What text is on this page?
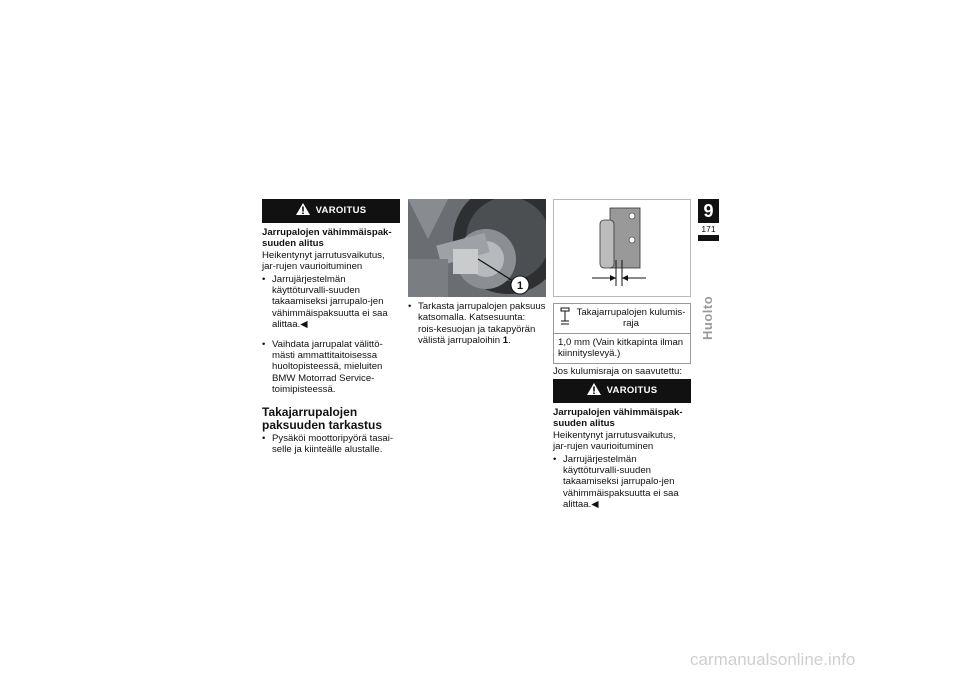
VAROITUS
Jarrupalojen vähimmäispak-suuden alitus
Heikentynyt jarrutusvaikutus, jar-rujen vaurioituminen
• Jarrujärjestelmän käyttöturvalli-suuden takaamiseksi jarrupalo-jen vähimmäispaksuutta ei saa alittaa.◀
• Vaihdata jarrupalat välittö-mästi ammattitaitoisessa huoltopisteessä, mieluiten BMW Motorrad Service-toimipisteessä.
Takajarrupalojen paksuuden tarkastus
• Pysäköi moottoripyörä tasai-selle ja kiinteälle alustalle.
1
• Tarkasta jarrupalojen paksuus katsomalla. Katsesuunta: rois-kesuojan ja takapyörän välistä jarrupaloihin 1.
Takajarrupalojen kulumis-raja
1,0 mm (Vain kitkapinta ilman kiinnityslevyä.)
Jos kulumisraja on saavutettu:
VAROITUS
Jarrupalojen vähimmäispak-suuden alitus
Heikentynyt jarrutusvaikutus, jar-rujen vaurioituminen
• Jarrujärjestelmän käyttöturvalli-suuden takaamiseksi jarrupalo-jen vähimmäispaksuutta ei saa alittaa.◀
9
171
Huolto
carmanualsonline.info
